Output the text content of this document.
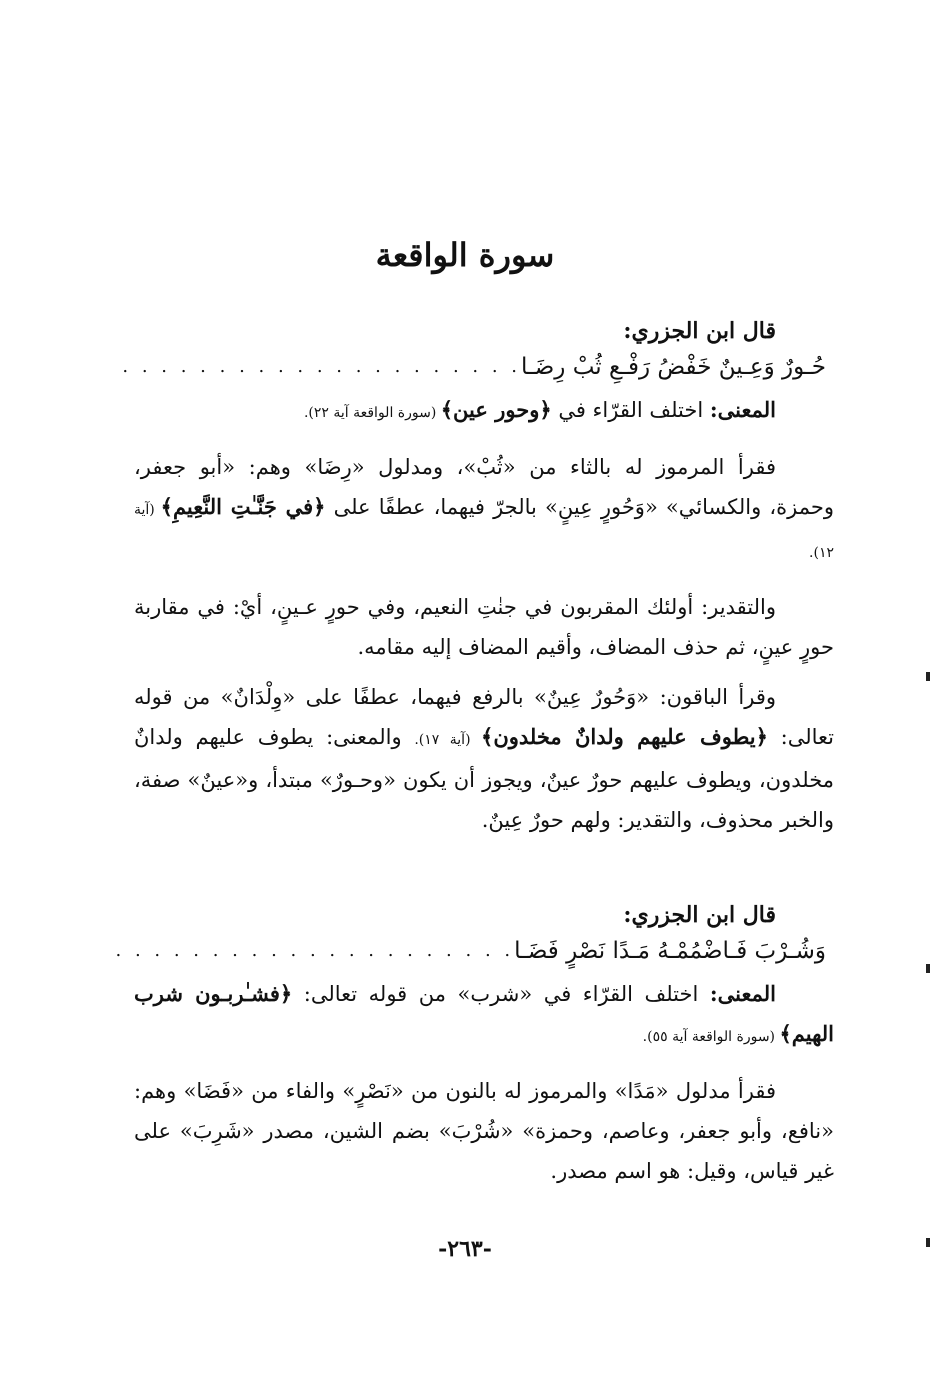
سورة الواقعة
قال ابن الجزري:
حُـورٌ وَعِـينٌ خَفْضُ رَفْـعِ ثُبْ رِضَـا
. . . . . . . . . . . . . . . . . . . . .
المعنى: اختلف القرّاء في ﴿وحور عين﴾ (سورة الواقعة آية ٢٢).
فقرأ المرموز له بالثاء من «ثُبْ»، ومدلول «رِضَا» وهم: «أبو جعفر، وحمزة، والكسائي» «وَحُورٍ عِينٍ» بالجرّ فيهما، عطفًا على ﴿في جَنَّـٰتِ النَّعِيمِ﴾ (آية ١٢).
والتقدير: أولئك المقربون في جنٰتِ النعيم، وفي حورٍ عـينٍ، أيْ: في مقاربة حورٍ عينٍ، ثم حذف المضاف، وأقيم المضاف إليه مقامه.
وقرأ الباقون: «وَحُورٌ عِينٌ» بالرفع فيهما، عطفًا على «وِلْدَانٌ» من قوله تعالى: ﴿يطوف عليهم ولدانٌ مخلدون﴾ (آية ١٧). والمعنى: يطوف عليهم ولدانٌ مخلدون، ويطوف عليهم حورٌ عينٌ، ويجوز أن يكون «وحـورٌ» مبتدأ، و«عينٌ» صفة، والخبر محذوف، والتقدير: ولهم حورٌ عِينٌ.
قال ابن الجزري:
وَشُـرْبَ فَـاضْمُمْـهُ مَـدًا نَصْرٍ فَضَـا
. . . . . . . . . . . . . . . . . . . . .
المعنى: اختلف القرّاء في «شرب» من قوله تعالى: ﴿فشـٰربـون شرب الهيم﴾ (سورة الواقعة آية ٥٥).
فقرأ مدلول «مَدًا» والمرموز له بالنون من «نَصْرٍ» والفاء من «فَضَا» وهم: «نافع، وأبو جعفر، وعاصم، وحمزة» «شُرْبَ» بضم الشين، مصدر «شَرِبَ» على غير قياس، وقيل: هو اسم مصدر.
-٢٦٣-
